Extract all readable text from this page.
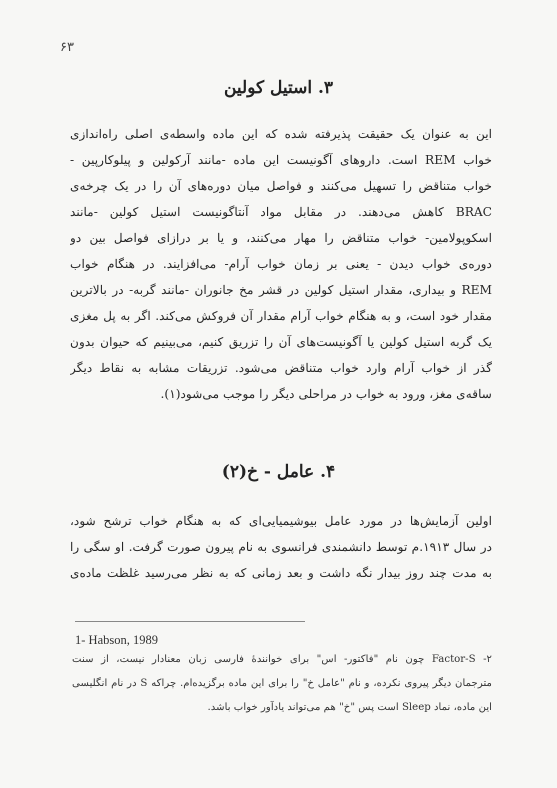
۶۳
۳. استیل کولین
این به عنوان یک حقیقت پذیرفته شده که این ماده واسطه‌ی اصلی راه‌اندازی
خواب REM است. داروهای آگونیست این ماده -مانند آرکولین و پیلوکارپین -
خواب متناقض را تسهیل می‌کنند و فواصل میان دوره‌های آن را در یک چرخه‌ی
BRAC کاهش می‌دهند. در مقابل مواد آنتاگونیست استیل کولین -مانند
اسکوپولامین- خواب متناقض را مهار می‌کنند، و یا بر درازای فواصل بین دو
دوره‌ی خواب دیدن - یعنی بر زمان خواب آرام- می‌افزایند. در هنگام خواب
REM و بیداری، مقدار استیل کولین در قشر مخ جانوران -مانند گربه- در بالاترین
مقدار خود است، و به هنگام خواب آرام مقدار آن فروکش می‌کند. اگر به پل مغزی
یک گربه استیل کولین یا آگونیست‌های آن را تزریق کنیم، می‌بینیم که حیوان بدون
گذر از خواب آرام وارد خواب متناقض می‌شود. تزریقات مشابه به نقاط دیگر
ساقه‌ی مغز، ورود به خواب در مراحلی دیگر را موجب می‌شود(۱).
۴. عامل - خ(۲)
اولین آزمایش‌ها در مورد عامل بیوشیمیایی‌ای که به هنگام خواب ترشح شود،
در سال ۱۹۱۳.م توسط دانشمندی فرانسوی به نام پیرون صورت گرفت. او سگی را
به مدت چند روز بیدار نگه داشت و بعد زمانی که به نظر می‌رسید غلظت ماده‌ی
1- Habson, 1989
۲- Factor-S چون نام "فاکتور- اس" برای خوانندهٔ فارسی زبان معنادار نیست، از سنت
مترجمان دیگر پیروی نکرده، و نام "عامل خ" را برای این ماده برگزیده‌ام. چراکه S در نام انگلیسی
این ماده، نماد Sleep است پس "خ" هم می‌تواند یادآور خواب باشد.
